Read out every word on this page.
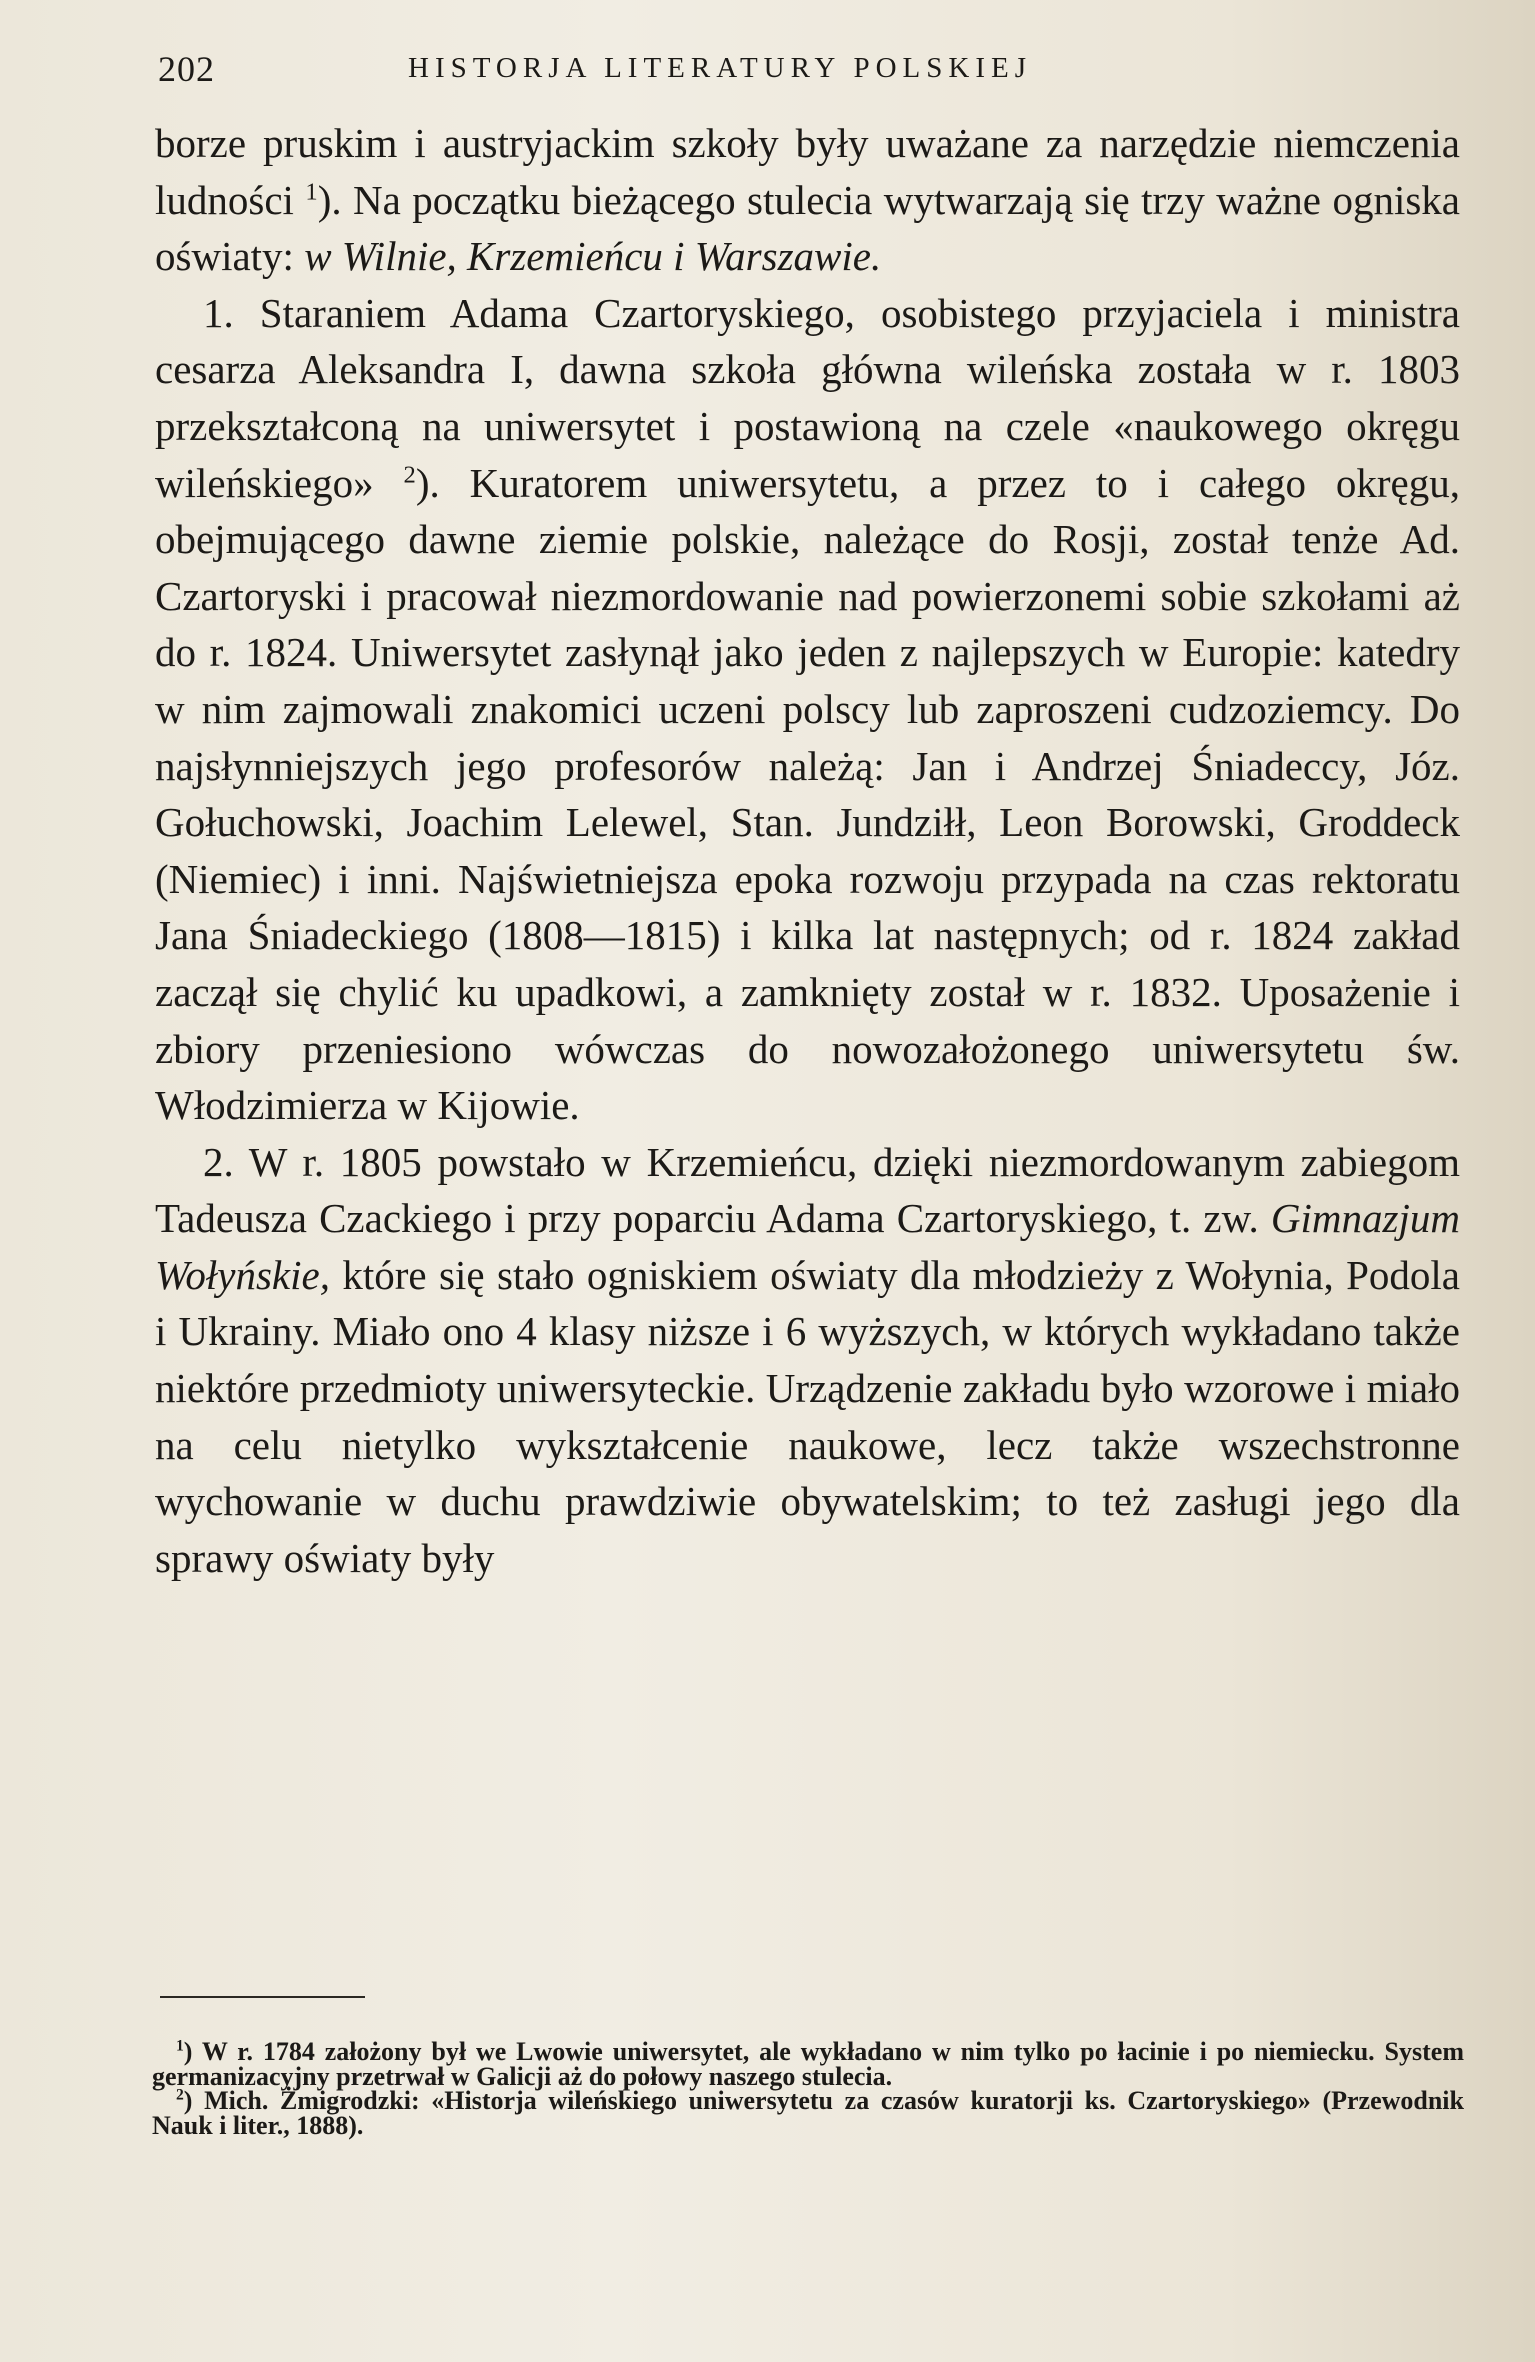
202	HISTORJA LITERATURY POLSKIEJ

borze pruskim i austryjackim szkoły były uważane za narzędzie niemczenia ludności $^1$). Na początku bieżącego stulecia wytwarzają się trzy ważne ogniska oświaty: w Wilnie, Krzemieńcu i Warszawie.

1. Staraniem Adama Czartoryskiego, osobistego przyjaciela i ministra cesarza Aleksandra I, dawna szkoła główna wileńska została w r. 1803 przekształconą na uniwersytet i postawioną na czele «naukowego okręgu wileńskiego» $^2$). Kuratorem uniwersytetu, a przez to i całego okręgu, obejmującego dawne ziemie polskie, należące do Rosji, został tenże Ad. Czartoryski i pracował niezmordowanie nad powierzonemi sobie szkołami aż do r. 1824. Uniwersytet zasłynął jako jeden z najlepszych w Europie: katedry w nim zajmowali znakomici uczeni polscy lub zaproszeni cudzoziemcy. Do najsłynniejszych jego profesorów należą: Jan i Andrzej Śniadeccy, Józ. Gołuchowski, Joachim Lelewel, Stan. Jundziłł, Leon Borowski, Groddeck (Niemiec) i inni. Najświetniejsza epoka rozwoju przypada na czas rektoratu Jana Śniadeckiego (1808—1815) i kilka lat następnych; od r. 1824 zakład zaczął się chylić ku upadkowi, a zamknięty został w r. 1832. Uposażenie i zbiory przeniesiono wówczas do nowozałożonego uniwersytetu św. Włodzimierza w Kijowie.

2. W r. 1805 powstało w Krzemieńcu, dzięki niezmordowanym zabiegom Tadeusza Czackiego i przy poparciu Adama Czartoryskiego, t. zw. Gimnazjum Wołyńskie, które się stało ogniskiem oświaty dla młodzieży z Wołynia, Podola i Ukrainy. Miało ono 4 klasy niższe i 6 wyższych, w których wykładano także niektóre przedmioty uniwersyteckie. Urządzenie zakładu było wzorowe i miało na celu nietylko wykształcenie naukowe, lecz także wszechstronne wychowanie w duchu prawdziwie obywatelskim; to też zasługi jego dla sprawy oświaty były

$^1$) W r. 1784 założony był we Lwowie uniwersytet, ale wykładano w nim tylko po łacinie i po niemiecku. System germanizacyjny przetrwał w Galicji aż do połowy naszego stulecia.

$^2$) Mich. Żmigrodzki: «Historja wileńskiego uniwersytetu za czasów kuratorji ks. Czartoryskiego» (Przewodnik Nauk i liter., 1888).
